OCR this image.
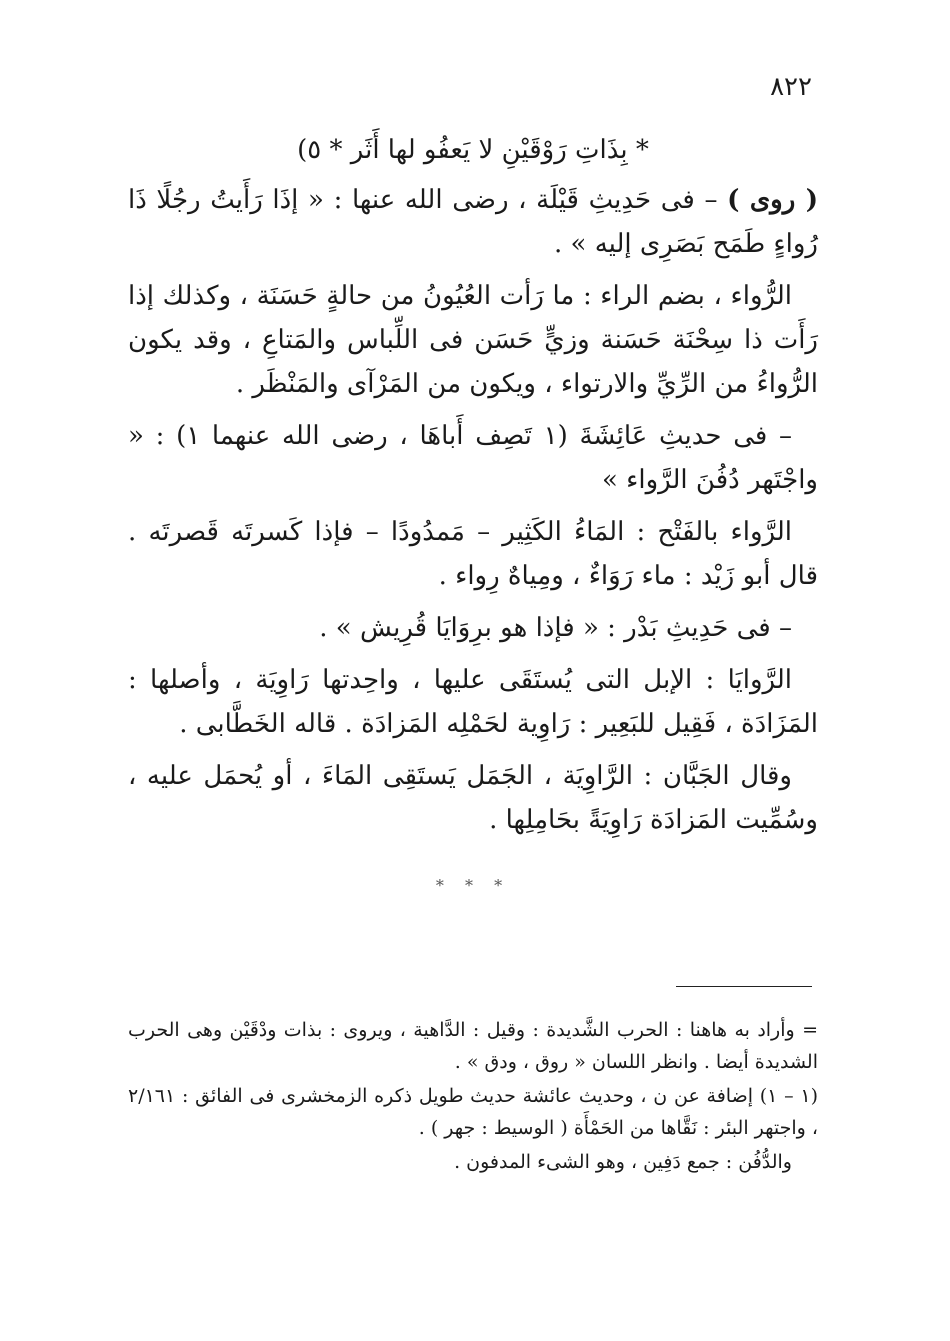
٨٢٢

* بِذَاتِ رَوْقَيْنِ لا يَعفُو لها أَثَر * ٥)

( روى ) – فى حَدِيثِ قَيْلَة ، رضى الله عنها : « إذَا رَأَيتُ رجُلًا ذَا رُواءٍ طَمَح بَصَرِى إليه » .

الرُّواء ، بضم الراء : ما رَأت العُيُونُ من حالةٍ حَسَنَة ، وكذلك إذا رَأَت ذا سِحْنَة حَسَنة وزيٍّ حَسَن فى اللِّباس والمَتاعِ ، وقد يكون الرُّواءُ من الرِّيِّ والارتواء ، ويكون من المَرْآى والمَنْظَر .

– فى حديثِ عَائِشَةَ (١ تَصِف أَباهَا ، رضى الله عنهما ١) : « واجْتَهر دُفُنَ الرَّواء »

الرَّواء بالفَتْح : المَاءُ الكَثِير – مَمدُودًا – فإذا كَسرتَه قَصرتَه . قال أبو زَيْد : ماء رَوَاءٌ ، ومِياهٌ رِواء .

– فى حَدِيثِ بَدْر : « فإذا هو برِوَايَا قُرِيش » .

الرَّوايَا : الإبل التى يُستَقَى عليها ، واحِدتها رَاوِيَة ، وأصلها : المَزَادَة ، فَقِيل للبَعِير : رَاوِية لحَمْلِه المَزادَة . قاله الخَطَّابى .

وقال الجَبَّان : الرَّاوِيَة ، الجَمَل يَستَقِى المَاءَ ، أو يُحمَل عليه ، وسُمِّيت المَزادَة رَاوِيَةً بحَامِلِها .

* * *

= وأراد به هاهنا : الحرب الشَّديدة : وقيل : الدَّاهية ، ويروى : بذات ودْقَيْن وهى الحرب الشديدة أيضا . وانظر اللسان « روق ، ودق » .

(١ – ١) إضافة عن ن ، وحديث عائشة حديث طويل ذكره الزمخشرى فى الفائق : ٢/١٦١ ، واجتهر البئر : نَقَّاها من الحَمْأَة ( الوسيط : جهر ) .

والدُّفُن : جمع دَفِين ، وهو الشىء المدفون .
